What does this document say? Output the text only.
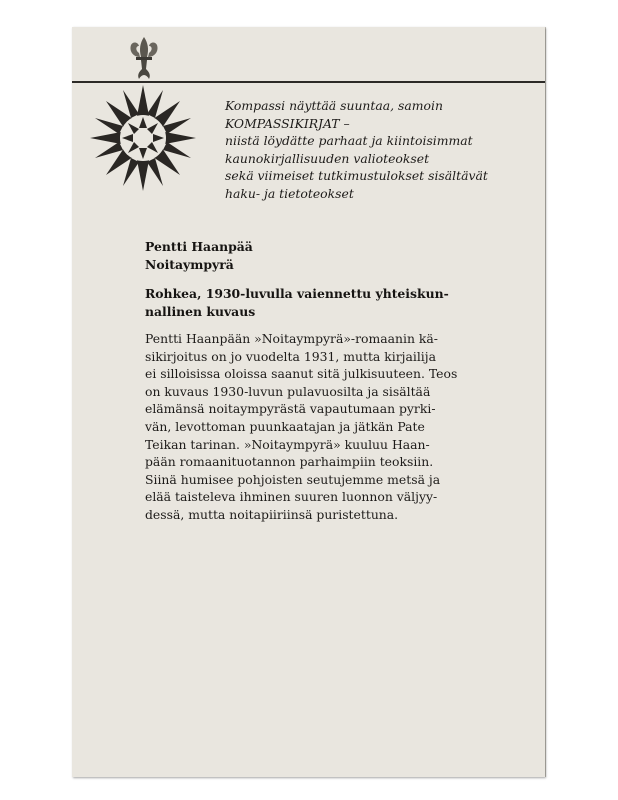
Kompassi näyttää suuntaa, samoin
KOMPASSIKIRJAT –
niistä löydätte parhaat ja kiintoisimmat
kaunokirjallisuuden valioteokset
sekä viimeiset tutkimustulokset sisältävät
haku- ja tietoteokset
Pentti Haanpää
Noitaympyrä
Rohkea, 1930-luvulla vaiennettu yhteiskun-
nallinen kuvaus
Pentti Haanpään »Noitaympyrä»-romaanin kä-
sikirjoitus on jo vuodelta 1931, mutta kirjailija
ei silloisissa oloissa saanut sitä julkisuuteen. Teos
on kuvaus 1930-luvun pulavuosilta ja sisältää
elämänsä noitaympyrästä vapautumaan pyrki-
vän, levottoman puunkaatajan ja jätkän Pate
Teikan tarinan. »Noitaympyrä» kuuluu Haan-
pään romaanituotannon parhaimpiin teoksiin.
Siinä humisee pohjoisten seutujemme metsä ja
elää taisteleva ihminen suuren luonnon väljyy-
dessä, mutta noitapiiriinsä puristettuna.
